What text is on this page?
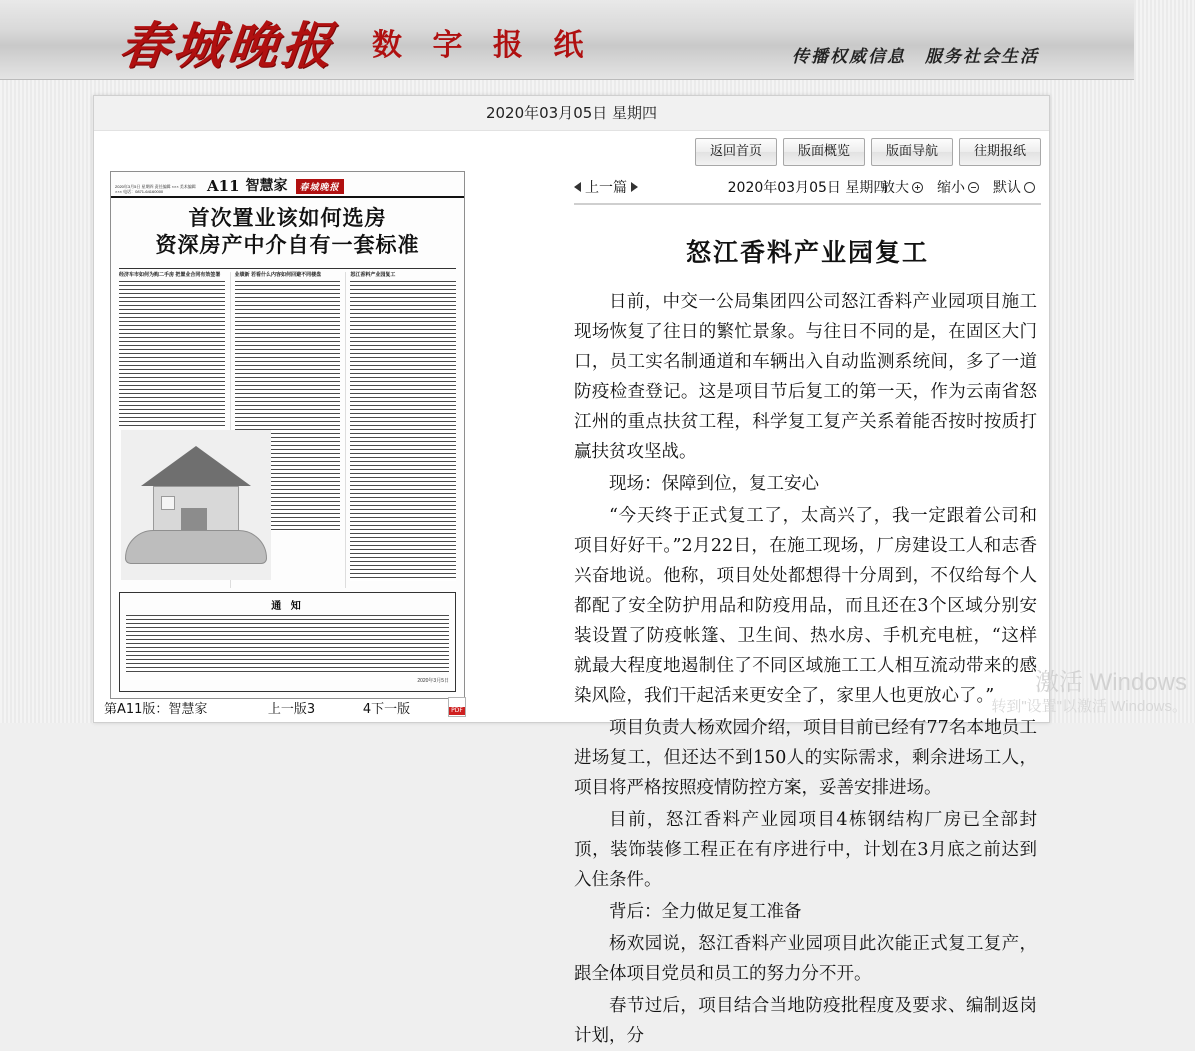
春城晚报 数 字 报 纸	传播权威信息　服务社会生活
2020年03月05日 星期四
返回首页	版面概览	版面导航	往期报纸
2020年3月5日 星期四 责任编辑 ××× 美术编辑 ××× 电话：0871-64160000	A11 智慧家	春城晚报
首次置业该如何选房
资深房产中介自有一套标准
经济车市如何为购二手房 把置业合同有效签署	业绩新 若看什么内容如何回避不同楼盘	怒江香料产业园复工
通 知
2020年3月5日
第A11版：智慧家	上一版3	4下一版
PDF
上一篇	2020年03月05日 星期四
放大 缩小 默认
怒江香料产业园复工

日前，中交一公局集团四公司怒江香料产业园项目施工现场恢复了往日的繁忙景象。与往日不同的是，在固区大门口，员工实名制通道和车辆出入自动监测系统间，多了一道防疫检查登记。这是项目节后复工的第一天，作为云南省怒江州的重点扶贫工程，科学复工复产关系着能否按时按质打赢扶贫攻坚战。

现场：保障到位，复工安心

“今天终于正式复工了，太高兴了，我一定跟着公司和项目好好干。”2月22日，在施工现场，厂房建设工人和志香兴奋地说。他称，项目处处都想得十分周到，不仅给每个人都配了安全防护用品和防疫用品，而且还在3个区域分别安装设置了防疫帐篷、卫生间、热水房、手机充电桩，“这样就最大程度地遏制住了不同区域施工工人相互流动带来的感染风险，我们干起活来更安全了，家里人也更放心了。”

项目负责人杨欢园介绍，项目目前已经有77名本地员工进场复工，但还达不到150人的实际需求，剩余进场工人，项目将严格按照疫情防控方案，妥善安排进场。

目前，怒江香料产业园项目4栋钢结构厂房已全部封顶，装饰装修工程正在有序进行中，计划在3月底之前达到入住条件。

背后：全力做足复工准备

杨欢园说，怒江香料产业园项目此次能正式复工复产，跟全体项目党员和员工的努力分不开。

春节过后，项目结合当地防疫批程度及要求、编制返岗计划，分

激活 Windows
转到"设置"以激活 Windows。
